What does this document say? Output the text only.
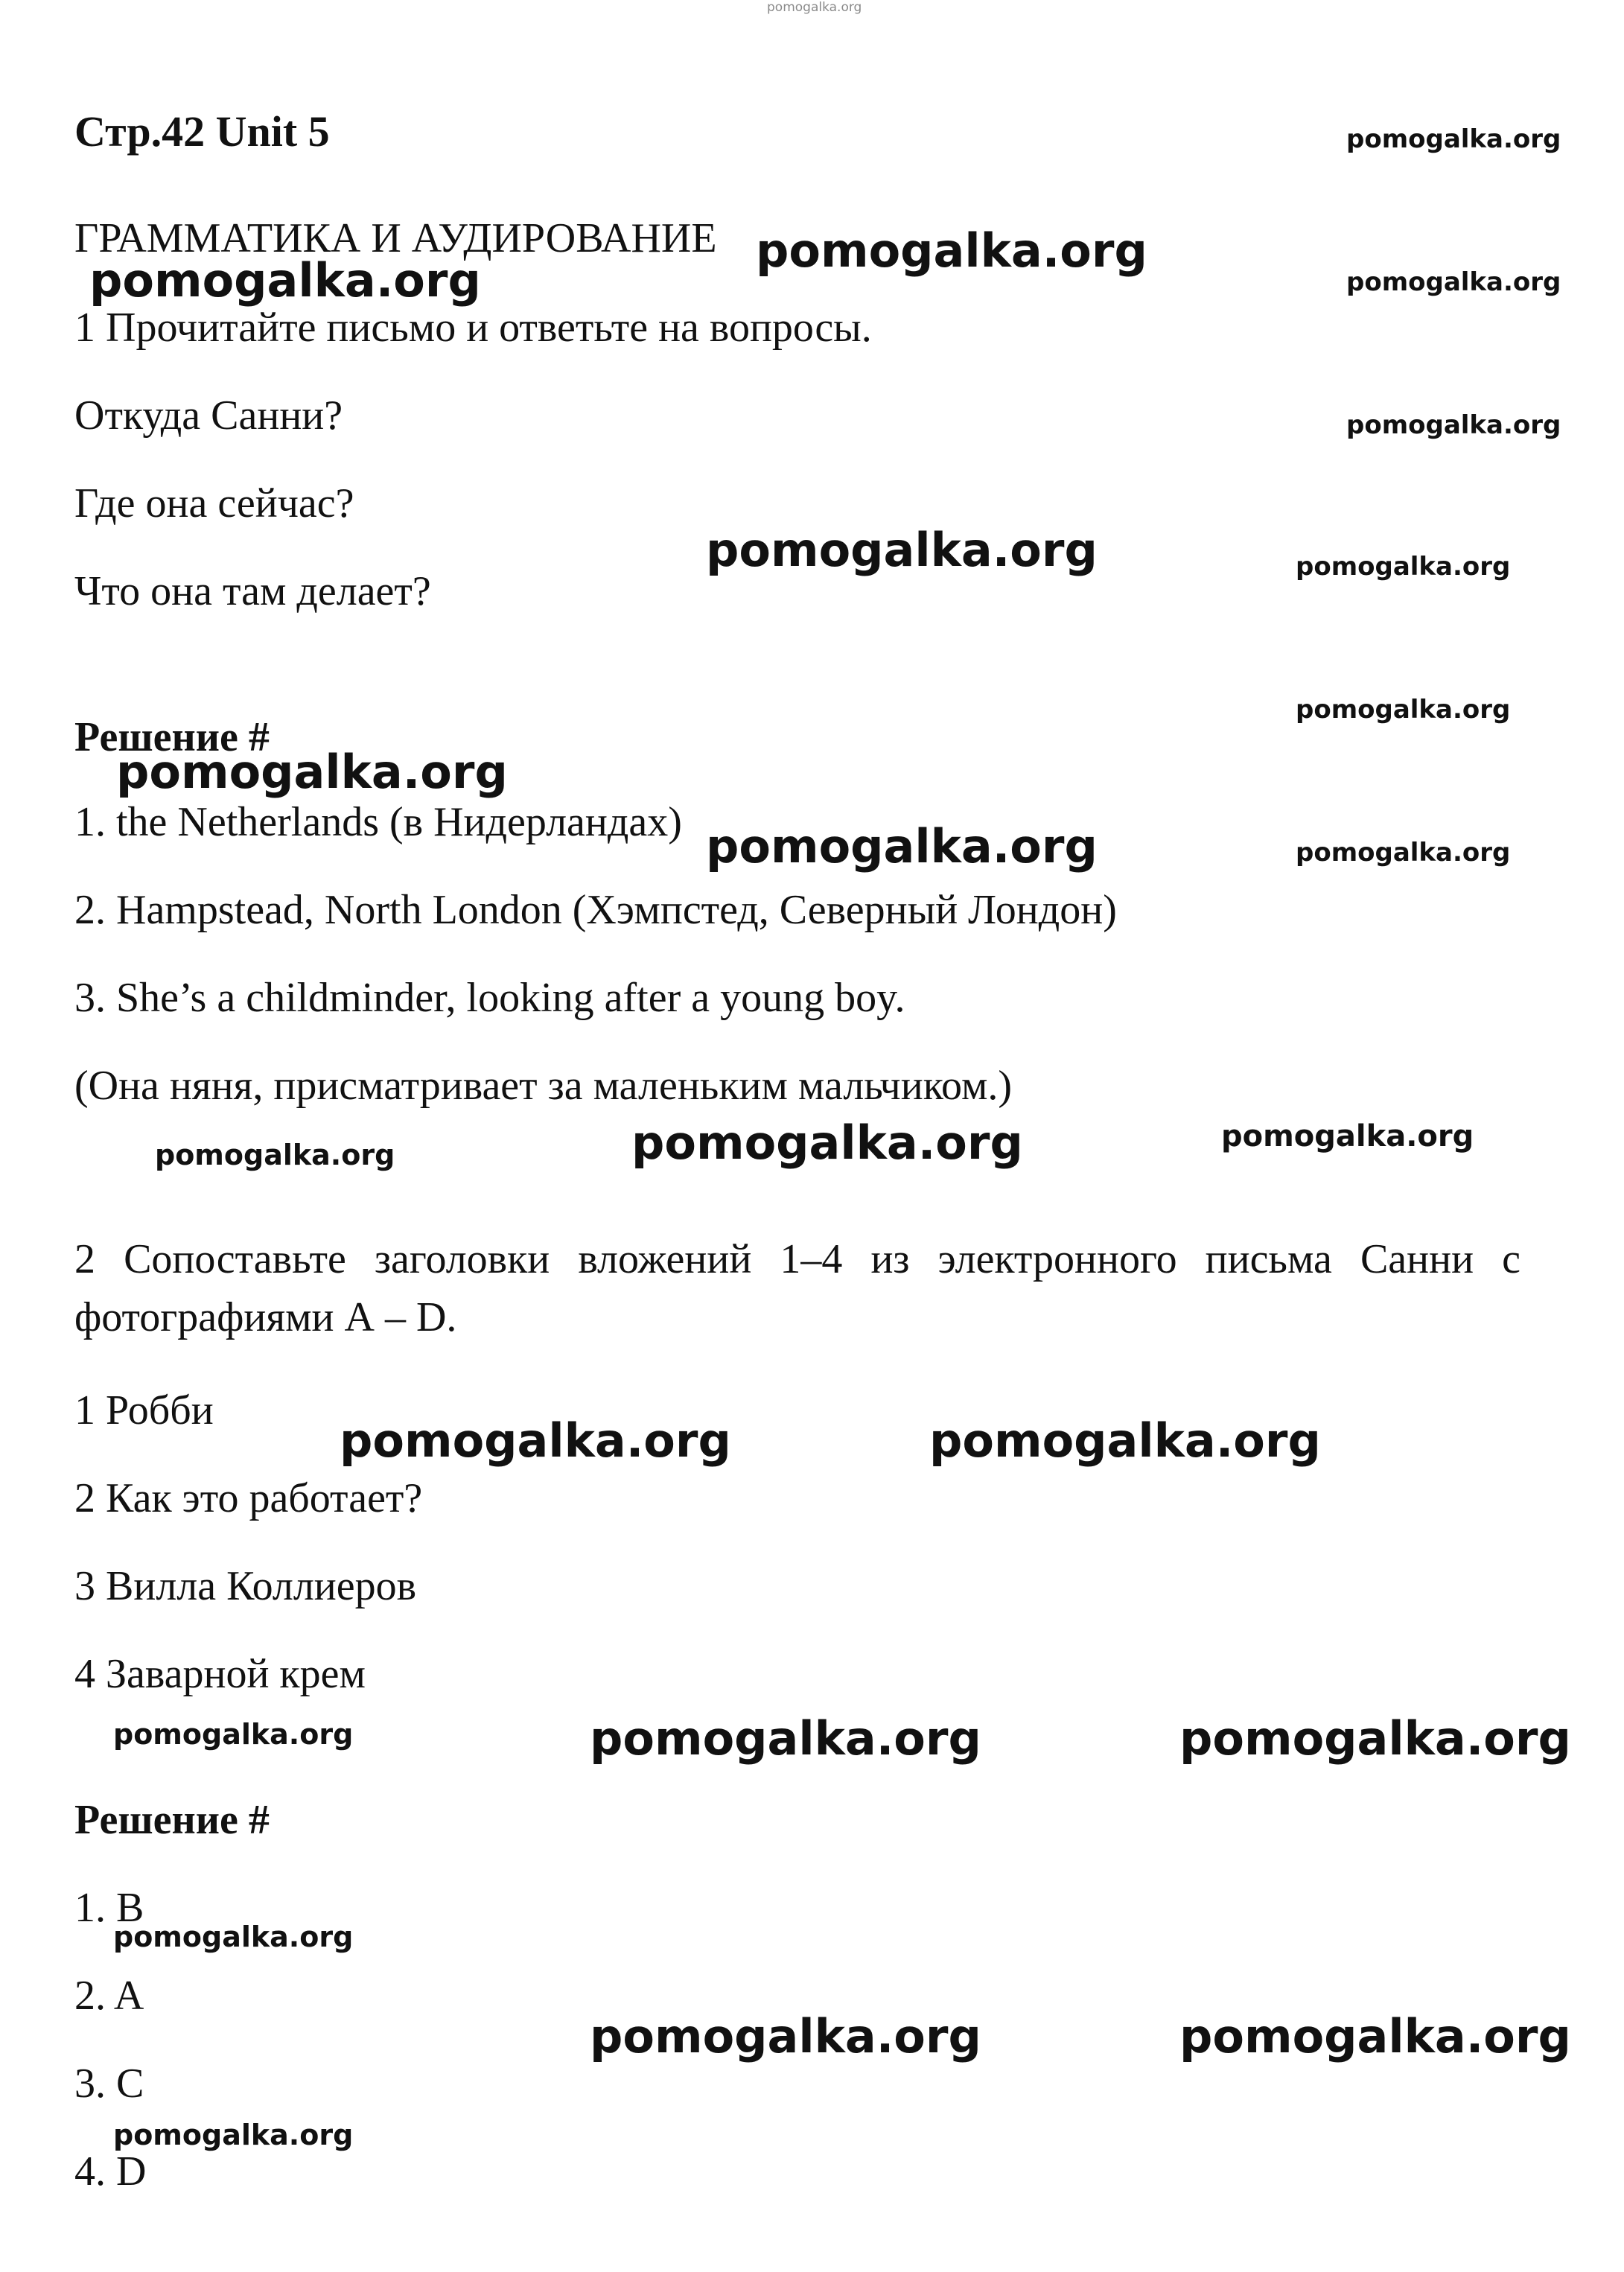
pomogalka.org
Стр.42 Unit 5
ГРАММАТИКА И АУДИРОВАНИЕ
1 Прочитайте письмо и ответьте на вопросы.
Откуда Санни?
Где она сейчас?
Что она там делает?
Решение #
1. the Netherlands (в Нидерландах)
2. Hampstead, North London (Хэмпстед, Северный Лондон)
3. She’s a childminder, looking after a young boy.
(Она няня, присматривает за маленьким мальчиком.)
2 Сопоставьте заголовки вложений 1–4 из электронного письма Санни с фотографиями А – D.
1 Робби
2 Как это работает?
3 Вилла Коллиеров
4 Заварной крем
Решение #
1. B
2. A
3. C
4. D
pomogalka.org
pomogalka.org
pomogalka.org
pomogalka.org
pomogalka.org
pomogalka.org
pomogalka.org
pomogalka.org
pomogalka.org
pomogalka.org
pomogalka.org
pomogalka.org
pomogalka.org
pomogalka.org
pomogalka.org
pomogalka.org
pomogalka.org
pomogalka.org	pomogalka.org
pomogalka.org	pomogalka.org
pomogalka.org	pomogalka.org
